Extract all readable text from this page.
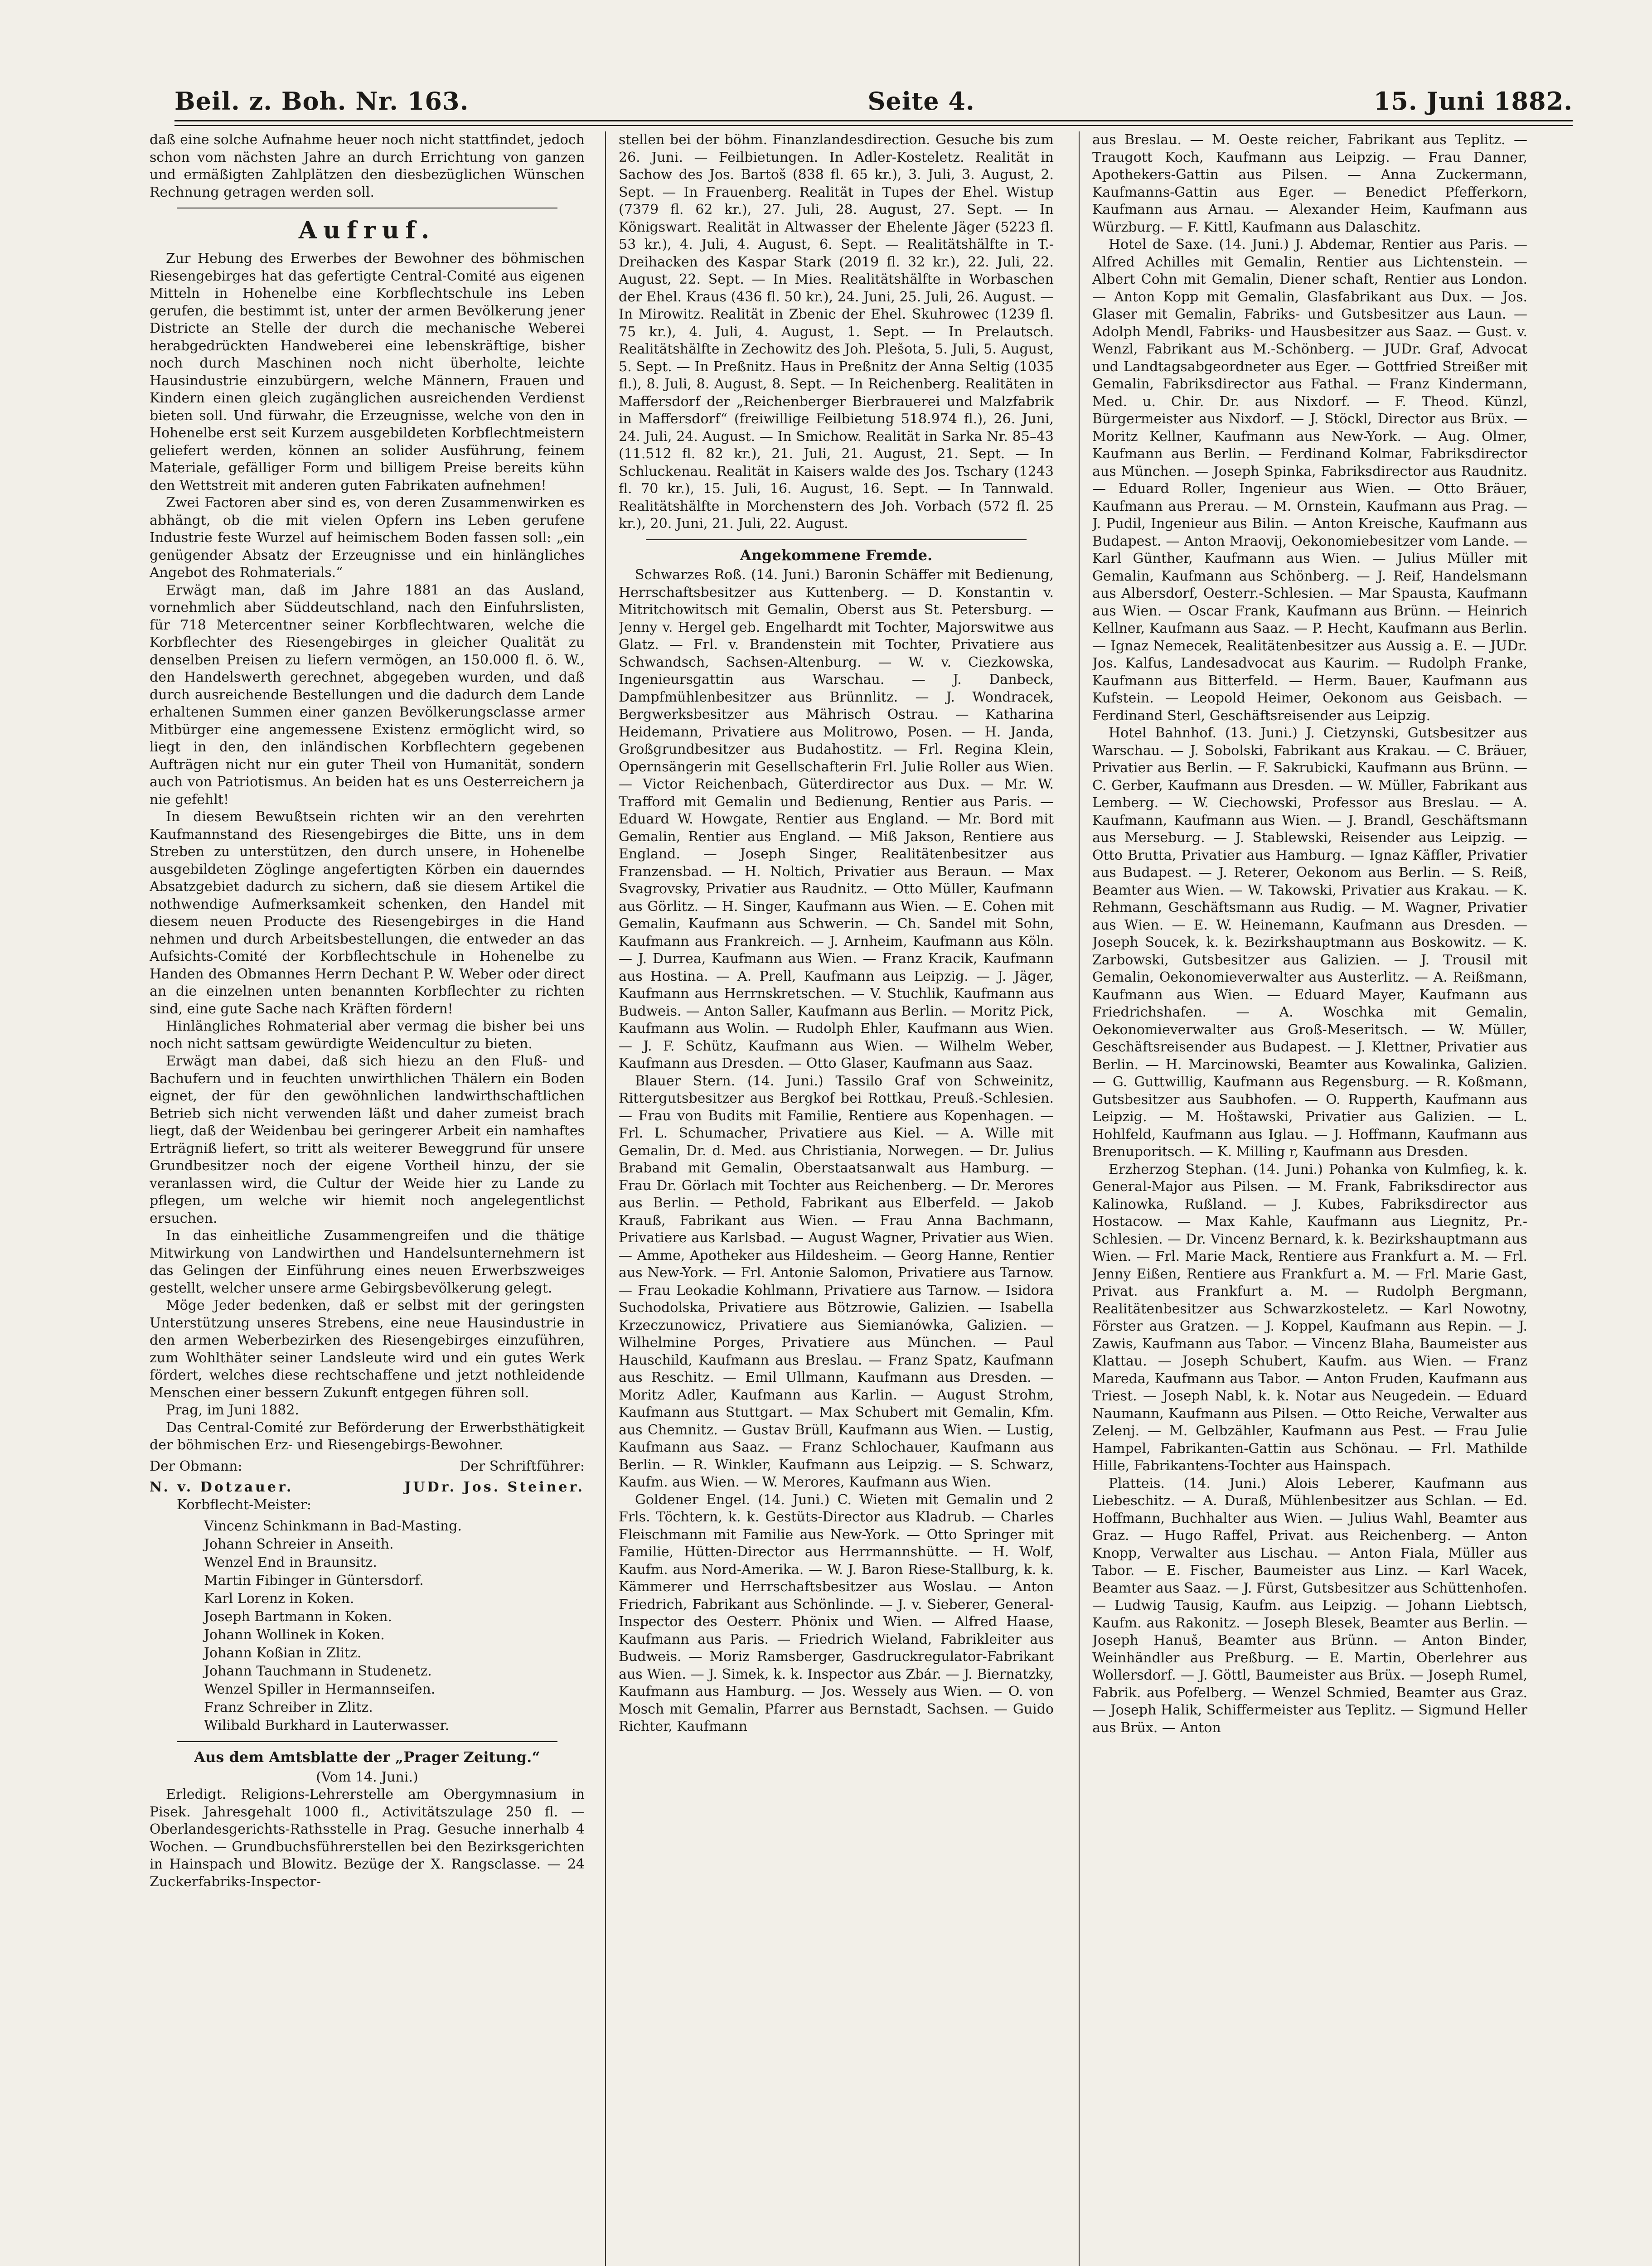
Beil. z. Boh. Nr. 163.	Seite 4.	15. Juni 1882.

daß eine solche Aufnahme heuer noch nicht stattfindet, jedoch schon vom nächsten Jahre an durch Errichtung von ganzen und ermäßigten Zahlplätzen den diesbezüglichen Wünschen Rechnung getragen werden soll.

Aufruf.

Zur Hebung des Erwerbes der Bewohner des böhmischen Riesengebirges hat das gefertigte Central-Comité aus eigenen Mitteln in Hohenelbe eine Korbflechtschule ins Leben gerufen, die bestimmt ist, unter der armen Bevölkerung jener Districte an Stelle der durch die mechanische Weberei herabgedrückten Handweberei eine lebenskräftige, bisher noch durch Maschinen noch nicht überholte, leichte Hausindustrie einzubürgern, welche Männern, Frauen und Kindern einen gleich zugänglichen ausreichenden Verdienst bieten soll. Und fürwahr, die Erzeugnisse, welche von den in Hohenelbe erst seit Kurzem ausgebildeten Korbflechtmeistern geliefert werden, können an solider Ausführung, feinem Materiale, gefälliger Form und billigem Preise bereits kühn den Wettstreit mit anderen guten Fabrikaten aufnehmen!

Zwei Factoren aber sind es, von deren Zusammenwirken es abhängt, ob die mit vielen Opfern ins Leben gerufene Industrie feste Wurzel auf heimischem Boden fassen soll: „ein genügender Absatz der Erzeugnisse und ein hinlängliches Angebot des Rohmaterials.“

Erwägt man, daß im Jahre 1881 an das Ausland, vornehmlich aber Süddeutschland, nach den Einfuhrslisten, für 718 Metercentner seiner Korbflechtwaren, welche die Korbflechter des Riesengebirges in gleicher Qualität zu denselben Preisen zu liefern vermögen, an 150.000 fl. ö. W., den Handelswerth gerechnet, abgegeben wurden, und daß durch ausreichende Bestellungen und die dadurch dem Lande erhaltenen Summen einer ganzen Bevölkerungsclasse armer Mitbürger eine angemessene Existenz ermöglicht wird, so liegt in den, den inländischen Korbflechtern gegebenen Aufträgen nicht nur ein guter Theil von Humanität, sondern auch von Patriotismus. An beiden hat es uns Oesterreichern ja nie gefehlt!

In diesem Bewußtsein richten wir an den verehrten Kaufmannstand des Riesengebirges die Bitte, uns in dem Streben zu unterstützen, den durch unsere, in Hohenelbe ausgebildeten Zöglinge angefertigten Körben ein dauerndes Absatzgebiet dadurch zu sichern, daß sie diesem Artikel die nothwendige Aufmerksamkeit schenken, den Handel mit diesem neuen Producte des Riesengebirges in die Hand nehmen und durch Arbeitsbestellungen, die entweder an das Aufsichts-Comité der Korbflechtschule in Hohenelbe zu Handen des Obmannes Herrn Dechant P. W. Weber oder direct an die einzelnen unten benannten Korbflechter zu richten sind, eine gute Sache nach Kräften fördern!

Hinlängliches Rohmaterial aber vermag die bisher bei uns noch nicht sattsam gewürdigte Weidencultur zu bieten.

Erwägt man dabei, daß sich hiezu an den Fluß- und Bachufern und in feuchten unwirthlichen Thälern ein Boden eignet, der für den gewöhnlichen landwirthschaftlichen Betrieb sich nicht verwenden läßt und daher zumeist brach liegt, daß der Weidenbau bei geringerer Arbeit ein namhaftes Erträgniß liefert, so tritt als weiterer Beweggrund für unsere Grundbesitzer noch der eigene Vortheil hinzu, der sie veranlassen wird, die Cultur der Weide hier zu Lande zu pflegen, um welche wir hiemit noch angelegentlichst ersuchen.

In das einheitliche Zusammengreifen und die thätige Mitwirkung von Landwirthen und Handelsunternehmern ist das Gelingen der Einführung eines neuen Erwerbszweiges gestellt, welcher unsere arme Gebirgsbevölkerung gelegt.

Möge Jeder bedenken, daß er selbst mit der geringsten Unterstützung unseres Strebens, eine neue Hausindustrie in den armen Weberbezirken des Riesengebirges einzuführen, zum Wohlthäter seiner Landsleute wird und ein gutes Werk fördert, welches diese rechtschaffene und jetzt nothleidende Menschen einer bessern Zukunft entgegen führen soll.

Prag, im Juni 1882.

Das Central-Comité zur Beförderung der Erwerbsthätigkeit der böhmischen Erz- und Riesengebirgs-Bewohner.

Der Obmann:	Der Schriftführer:
N. v. Dotzauer.	JUDr. Jos. Steiner.
Korbflecht-Meister:
Vincenz Schinkmann in Bad-Masting.
Johann Schreier in Anseith.
Wenzel End in Braunsitz.
Martin Fibinger in Güntersdorf.
Karl Lorenz in Koken.
Joseph Bartmann in Koken.
Johann Wollinek in Koken.
Johann Koßian in Zlitz.
Johann Tauchmann in Studenetz.
Wenzel Spiller in Hermannseifen.
Franz Schreiber in Zlitz.
Wilibald Burkhard in Lauterwasser.
Aus dem Amtsblatte der „Prager Zeitung.“
(Vom 14. Juni.)

Erledigt. Religions-Lehrerstelle am Obergymnasium in Pisek. Jahresgehalt 1000 fl., Activitätszulage 250 fl. — Oberlandesgerichts-Rathsstelle in Prag. Gesuche innerhalb 4 Wochen. — Grundbuchsführerstellen bei den Bezirksgerichten in Hainspach und Blowitz. Bezüge der X. Rangsclasse. — 24 Zuckerfabriks-Inspector-

stellen bei der böhm. Finanzlandesdirection. Gesuche bis zum 26. Juni. — Feilbietungen. In Adler-Kosteletz. Realität in Sachow des Jos. Bartoš (838 fl. 65 kr.), 3. Juli, 3. August, 2. Sept. — In Frauenberg. Realität in Tupes der Ehel. Wistup (7379 fl. 62 kr.), 27. Juli, 28. August, 27. Sept. — In Königswart. Realität in Altwasser der Ehelente Jäger (5223 fl. 53 kr.), 4. Juli, 4. August, 6. Sept. — Realitätshälfte in T.-Dreihacken des Kaspar Stark (2019 fl. 32 kr.), 22. Juli, 22. August, 22. Sept. — In Mies. Realitätshälfte in Worbaschen der Ehel. Kraus (436 fl. 50 kr.), 24. Juni, 25. Juli, 26. August. — In Mirowitz. Realität in Zbenic der Ehel. Skuhrowec (1239 fl. 75 kr.), 4. Juli, 4. August, 1. Sept. — In Prelautsch. Realitätshälfte in Zechowitz des Joh. Plešota, 5. Juli, 5. August, 5. Sept. — In Preßnitz. Haus in Preßnitz der Anna Seltig (1035 fl.), 8. Juli, 8. August, 8. Sept. — In Reichenberg. Realitäten in Maffersdorf der „Reichenberger Bierbrauerei und Malzfabrik in Maffersdorf“ (freiwillige Feilbietung 518.974 fl.), 26. Juni, 24. Juli, 24. August. — In Smichow. Realität in Sarka Nr. 85–43 (11.512 fl. 82 kr.), 21. Juli, 21. August, 21. Sept. — In Schluckenau. Realität in Kaisers walde des Jos. Tschary (1243 fl. 70 kr.), 15. Juli, 16. August, 16. Sept. — In Tannwald. Realitätshälfte in Morchenstern des Joh. Vorbach (572 fl. 25 kr.), 20. Juni, 21. Juli, 22. August.

Angekommene Fremde.

Schwarzes Roß. (14. Juni.) Baronin Schäffer mit Bedienung, Herrschaftsbesitzer aus Kuttenberg. — D. Konstantin v. Mitritchowitsch mit Gemalin, Oberst aus St. Petersburg. — Jenny v. Hergel geb. Engelhardt mit Tochter, Majorswitwe aus Glatz. — Frl. v. Brandenstein mit Tochter, Privatiere aus Schwandsch, Sachsen-Altenburg. — W. v. Ciezkowska, Ingenieursgattin aus Warschau. — J. Danbeck, Dampfmühlenbesitzer aus Brünnlitz. — J. Wondracek, Bergwerksbesitzer aus Mährisch Ostrau. — Katharina Heidemann, Privatiere aus Molitrowo, Posen. — H. Janda, Großgrundbesitzer aus Budahostitz. — Frl. Regina Klein, Opernsängerin mit Gesellschafterin Frl. Julie Roller aus Wien. — Victor Reichenbach, Güterdirector aus Dux. — Mr. W. Trafford mit Gemalin und Bedienung, Rentier aus Paris. — Eduard W. Howgate, Rentier aus England. — Mr. Bord mit Gemalin, Rentier aus England. — Miß Jakson, Rentiere aus England. — Joseph Singer, Realitätenbesitzer aus Franzensbad. — H. Noltich, Privatier aus Beraun. — Max Svagrovsky, Privatier aus Raudnitz. — Otto Müller, Kaufmann aus Görlitz. — H. Singer, Kaufmann aus Wien. — E. Cohen mit Gemalin, Kaufmann aus Schwerin. — Ch. Sandel mit Sohn, Kaufmann aus Frankreich. — J. Arnheim, Kaufmann aus Köln. — J. Durrea, Kaufmann aus Wien. — Franz Kracik, Kaufmann aus Hostina. — A. Prell, Kaufmann aus Leipzig. — J. Jäger, Kaufmann aus Herrnskretschen. — V. Stuchlik, Kaufmann aus Budweis. — Anton Saller, Kaufmann aus Berlin. — Moritz Pick, Kaufmann aus Wolin. — Rudolph Ehler, Kaufmann aus Wien. — J. F. Schütz, Kaufmann aus Wien. — Wilhelm Weber, Kaufmann aus Dresden. — Otto Glaser, Kaufmann aus Saaz.

Blauer Stern. (14. Juni.) Tassilo Graf von Schweinitz, Rittergutsbesitzer aus Bergkof bei Rottkau, Preuß.-Schlesien. — Frau von Budits mit Familie, Rentiere aus Kopenhagen. — Frl. L. Schumacher, Privatiere aus Kiel. — A. Wille mit Gemalin, Dr. d. Med. aus Christiania, Norwegen. — Dr. Julius Braband mit Gemalin, Oberstaatsanwalt aus Hamburg. — Frau Dr. Görlach mit Tochter aus Reichenberg. — Dr. Merores aus Berlin. — Pethold, Fabrikant aus Elberfeld. — Jakob Krauß, Fabrikant aus Wien. — Frau Anna Bachmann, Privatiere aus Karlsbad. — August Wagner, Privatier aus Wien. — Amme, Apotheker aus Hildesheim. — Georg Hanne, Rentier aus New-York. — Frl. Antonie Salomon, Privatiere aus Tarnow. — Frau Leokadie Kohlmann, Privatiere aus Tarnow. — Isidora Suchodolska, Privatiere aus Bötzrowie, Galizien. — Isabella Krzeczunowicz, Privatiere aus Siemianówka, Galizien. — Wilhelmine Porges, Privatiere aus München. — Paul Hauschild, Kaufmann aus Breslau. — Franz Spatz, Kaufmann aus Reschitz. — Emil Ullmann, Kaufmann aus Dresden. — Moritz Adler, Kaufmann aus Karlin. — August Strohm, Kaufmann aus Stuttgart. — Max Schubert mit Gemalin, Kfm. aus Chemnitz. — Gustav Brüll, Kaufmann aus Wien. — Lustig, Kaufmann aus Saaz. — Franz Schlochauer, Kaufmann aus Berlin. — R. Winkler, Kaufmann aus Leipzig. — S. Schwarz, Kaufm. aus Wien. — W. Merores, Kaufmann aus Wien.

Goldener Engel. (14. Juni.) C. Wieten mit Gemalin und 2 Frls. Töchtern, k. k. Gestüts-Director aus Kladrub. — Charles Fleischmann mit Familie aus New-York. — Otto Springer mit Familie, Hütten-Director aus Herrmannshütte. — H. Wolf, Kaufm. aus Nord-Amerika. — W. J. Baron Riese-Stallburg, k. k. Kämmerer und Herrschaftsbesitzer aus Woslau. — Anton Friedrich, Fabrikant aus Schönlinde. — J. v. Sieberer, General-Inspector des Oesterr. Phönix und Wien. — Alfred Haase, Kaufmann aus Paris. — Friedrich Wieland, Fabrikleiter aus Budweis. — Moriz Ramsberger, Gasdruckregulator-Fabrikant aus Wien. — J. Simek, k. k. Inspector aus Zbár. — J. Biernatzky, Kaufmann aus Hamburg. — Jos. Wessely aus Wien. — O. von Mosch mit Gemalin, Pfarrer aus Bernstadt, Sachsen. — Guido Richter, Kaufmann

aus Breslau. — M. Oeste reicher, Fabrikant aus Teplitz. — Traugott Koch, Kaufmann aus Leipzig. — Frau Danner, Apothekers-Gattin aus Pilsen. — Anna Zuckermann, Kaufmanns-Gattin aus Eger. — Benedict Pfefferkorn, Kaufmann aus Arnau. — Alexander Heim, Kaufmann aus Würzburg. — F. Kittl, Kaufmann aus Dalaschitz.

Hotel de Saxe. (14. Juni.) J. Abdemar, Rentier aus Paris. — Alfred Achilles mit Gemalin, Rentier aus Lichtenstein. — Albert Cohn mit Gemalin, Diener schaft, Rentier aus London. — Anton Kopp mit Gemalin, Glasfabrikant aus Dux. — Jos. Glaser mit Gemalin, Fabriks- und Gutsbesitzer aus Laun. — Adolph Mendl, Fabriks- und Hausbesitzer aus Saaz. — Gust. v. Wenzl, Fabrikant aus M.-Schönberg. — JUDr. Graf, Advocat und Landtagsabgeordneter aus Eger. — Gottfried Streißer mit Gemalin, Fabriksdirector aus Fathal. — Franz Kindermann, Med. u. Chir. Dr. aus Nixdorf. — F. Theod. Künzl, Bürgermeister aus Nixdorf. — J. Stöckl, Director aus Brüx. — Moritz Kellner, Kaufmann aus New-York. — Aug. Olmer, Kaufmann aus Berlin. — Ferdinand Kolmar, Fabriksdirector aus München. — Joseph Spinka, Fabriksdirector aus Raudnitz. — Eduard Roller, Ingenieur aus Wien. — Otto Bräuer, Kaufmann aus Prerau. — M. Ornstein, Kaufmann aus Prag. — J. Pudil, Ingenieur aus Bilin. — Anton Kreische, Kaufmann aus Budapest. — Anton Mraovij, Oekonomiebesitzer vom Lande. — Karl Günther, Kaufmann aus Wien. — Julius Müller mit Gemalin, Kaufmann aus Schönberg. — J. Reif, Handelsmann aus Albersdorf, Oesterr.-Schlesien. — Mar Spausta, Kaufmann aus Wien. — Oscar Frank, Kaufmann aus Brünn. — Heinrich Kellner, Kaufmann aus Saaz. — P. Hecht, Kaufmann aus Berlin. — Ignaz Nemecek, Realitätenbesitzer aus Aussig a. E. — JUDr. Jos. Kalfus, Landesadvocat aus Kaurim. — Rudolph Franke, Kaufmann aus Bitterfeld. — Herm. Bauer, Kaufmann aus Kufstein. — Leopold Heimer, Oekonom aus Geisbach. — Ferdinand Sterl, Geschäftsreisender aus Leipzig.

Hotel Bahnhof. (13. Juni.) J. Cietzynski, Gutsbesitzer aus Warschau. — J. Sobolski, Fabrikant aus Krakau. — C. Bräuer, Privatier aus Berlin. — F. Sakrubicki, Kaufmann aus Brünn. — C. Gerber, Kaufmann aus Dresden. — W. Müller, Fabrikant aus Lemberg. — W. Ciechowski, Professor aus Breslau. — A. Kaufmann, Kaufmann aus Wien. — J. Brandl, Geschäftsmann aus Merseburg. — J. Stablewski, Reisender aus Leipzig. — Otto Brutta, Privatier aus Hamburg. — Ignaz Käffler, Privatier aus Budapest. — J. Reterer, Oekonom aus Berlin. — S. Reiß, Beamter aus Wien. — W. Takowski, Privatier aus Krakau. — K. Rehmann, Geschäftsmann aus Rudig. — M. Wagner, Privatier aus Wien. — E. W. Heinemann, Kaufmann aus Dresden. — Joseph Soucek, k. k. Bezirkshauptmann aus Boskowitz. — K. Zarbowski, Gutsbesitzer aus Galizien. — J. Trousil mit Gemalin, Oekonomieverwalter aus Austerlitz. — A. Reißmann, Kaufmann aus Wien. — Eduard Mayer, Kaufmann aus Friedrichshafen. — A. Woschka mit Gemalin, Oekonomieverwalter aus Groß-Meseritsch. — W. Müller, Geschäftsreisender aus Budapest. — J. Klettner, Privatier aus Berlin. — H. Marcinowski, Beamter aus Kowalinka, Galizien. — G. Guttwillig, Kaufmann aus Regensburg. — R. Koßmann, Gutsbesitzer aus Saubhofen. — O. Rupperth, Kaufmann aus Leipzig. — M. Hoštawski, Privatier aus Galizien. — L. Hohlfeld, Kaufmann aus Iglau. — J. Hoffmann, Kaufmann aus Brenuporitsch. — K. Milling r, Kaufmann aus Dresden.

Erzherzog Stephan. (14. Juni.) Pohanka von Kulmfieg, k. k. General-Major aus Pilsen. — M. Frank, Fabriksdirector aus Kalinowka, Rußland. — J. Kubes, Fabriksdirector aus Hostacow. — Max Kahle, Kaufmann aus Liegnitz, Pr.-Schlesien. — Dr. Vincenz Bernard, k. k. Bezirkshauptmann aus Wien. — Frl. Marie Mack, Rentiere aus Frankfurt a. M. — Frl. Jenny Eißen, Rentiere aus Frankfurt a. M. — Frl. Marie Gast, Privat. aus Frankfurt a. M. — Rudolph Bergmann, Realitätenbesitzer aus Schwarzkosteletz. — Karl Nowotny, Förster aus Gratzen. — J. Koppel, Kaufmann aus Repin. — J. Zawis, Kaufmann aus Tabor. — Vincenz Blaha, Baumeister aus Klattau. — Joseph Schubert, Kaufm. aus Wien. — Franz Mareda, Kaufmann aus Tabor. — Anton Fruden, Kaufmann aus Triest. — Joseph Nabl, k. k. Notar aus Neugedein. — Eduard Naumann, Kaufmann aus Pilsen. — Otto Reiche, Verwalter aus Zelenj. — M. Gelbzähler, Kaufmann aus Pest. — Frau Julie Hampel, Fabrikanten-Gattin aus Schönau. — Frl. Mathilde Hille, Fabrikantens-Tochter aus Hainspach.

Platteis. (14. Juni.) Alois Leberer, Kaufmann aus Liebeschitz. — A. Duraß, Mühlenbesitzer aus Schlan. — Ed. Hoffmann, Buchhalter aus Wien. — Julius Wahl, Beamter aus Graz. — Hugo Raffel, Privat. aus Reichenberg. — Anton Knopp, Verwalter aus Lischau. — Anton Fiala, Müller aus Tabor. — E. Fischer, Baumeister aus Linz. — Karl Wacek, Beamter aus Saaz. — J. Fürst, Gutsbesitzer aus Schüttenhofen. — Ludwig Tausig, Kaufm. aus Leipzig. — Johann Liebtsch, Kaufm. aus Rakonitz. — Joseph Blesek, Beamter aus Berlin. — Joseph Hanuš, Beamter aus Brünn. — Anton Binder, Weinhändler aus Preßburg. — E. Martin, Oberlehrer aus Wollersdorf. — J. Göttl, Baumeister aus Brüx. — Joseph Rumel, Fabrik. aus Pofelberg. — Wenzel Schmied, Beamter aus Graz. — Joseph Halik, Schiffermeister aus Teplitz. — Sigmund Heller aus Brüx. — Anton
